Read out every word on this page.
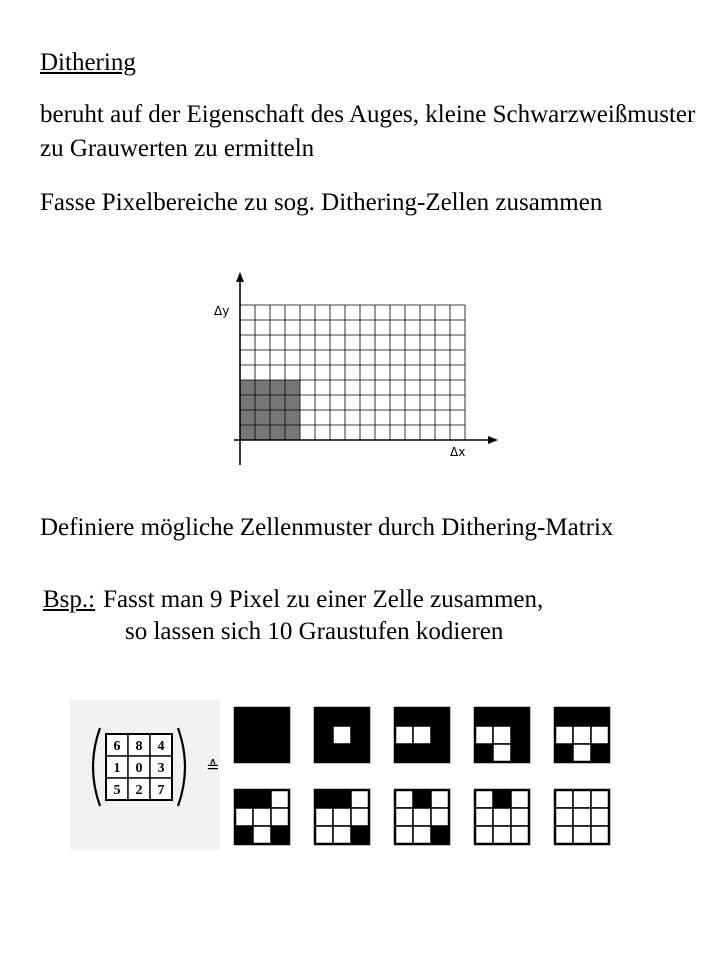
Dithering

beruht auf der Eigenschaft des Auges, kleine Schwarzweißmuster zu Grauwerten zu ermitteln

Fasse Pixelbereiche zu sog. Dithering-Zellen zusammen

Δy
Δx

Definiere mögliche Zellenmuster durch Dithering-Matrix

Bsp.: Fasst man 9 Pixel zu einer Zelle zusammen,
so lassen sich 10 Graustufen kodieren

6 8 4
1 0 3
5 2 7
≙
